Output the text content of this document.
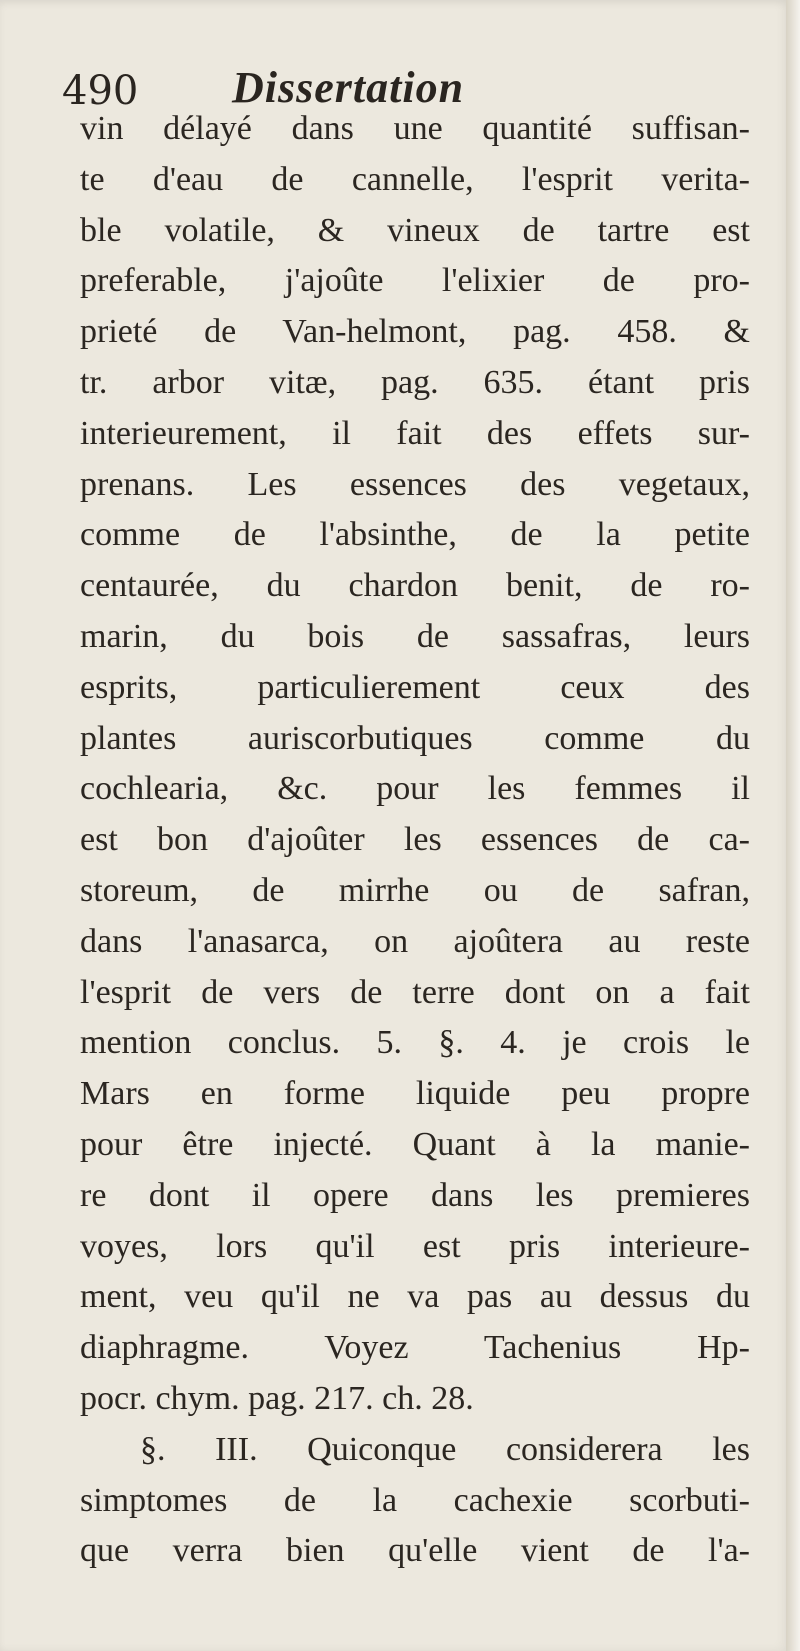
490 Dissertation
vin délayé dans une quantité suffisan-
te d'eau de cannelle, l'esprit verita-
ble volatile, & vineux de tartre est
preferable, j'ajoûte l'elixier de pro-
prieté de Van-helmont, pag. 458. &
tr. arbor vitæ, pag. 635. étant pris
interieurement, il fait des effets sur-
prenans. Les essences des vegetaux,
comme de l'absinthe, de la petite
centaurée, du chardon benit, de ro-
marin, du bois de sassafras, leurs
esprits, particulierement ceux des
plantes auriscorbutiques comme du
cochlearia, &c. pour les femmes il
est bon d'ajoûter les essences de ca-
storeum, de mirrhe ou de safran,
dans l'anasarca, on ajoûtera au reste
l'esprit de vers de terre dont on a fait
mention conclus. 5. §. 4. je crois le
Mars en forme liquide peu propre
pour être injecté. Quant à la manie-
re dont il opere dans les premieres
voyes, lors qu'il est pris interieure-
ment, veu qu'il ne va pas au dessus du
diaphragme. Voyez Tachenius Hp-
pocr. chym. pag. 217. ch. 28.
§. III. Quiconque considerera les
simptomes de la cachexie scorbuti-
que verra bien qu'elle vient de l'a-
